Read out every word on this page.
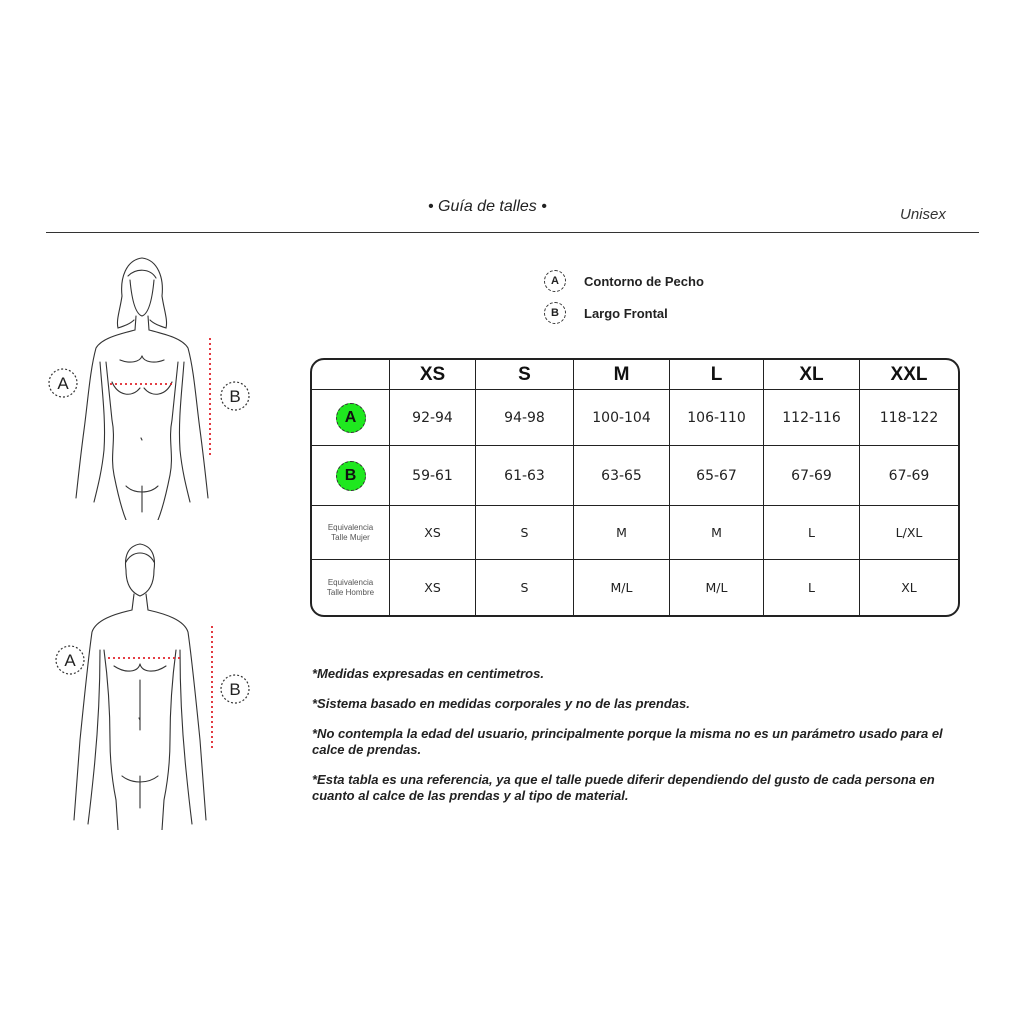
• Guía de talles •	Unisex
A
B
A
B
A	Contorno de Pecho
B	Largo Frontal
	XS	S	M	L	XL	XXL
A	92-94	94-98	100-104	106-110	112-116	118-122
B	59-61	61-63	63-65	65-67	67-69	67-69

Equivalencia
Talle Mujer	XS	S	M	M	L	L/XL

Equivalencia
Talle Hombre	XS	S	M/L	M/L	L	XL

*Medidas expresadas en centimetros.

*Sistema basado en medidas corporales y no de las prendas.

*No contempla la edad del usuario, principalmente porque la misma no es un parámetro usado para el calce de prendas.

*Esta tabla es una referencia, ya que el talle puede diferir dependiendo del gusto de cada persona en cuanto al calce de las prendas y al tipo de material.
